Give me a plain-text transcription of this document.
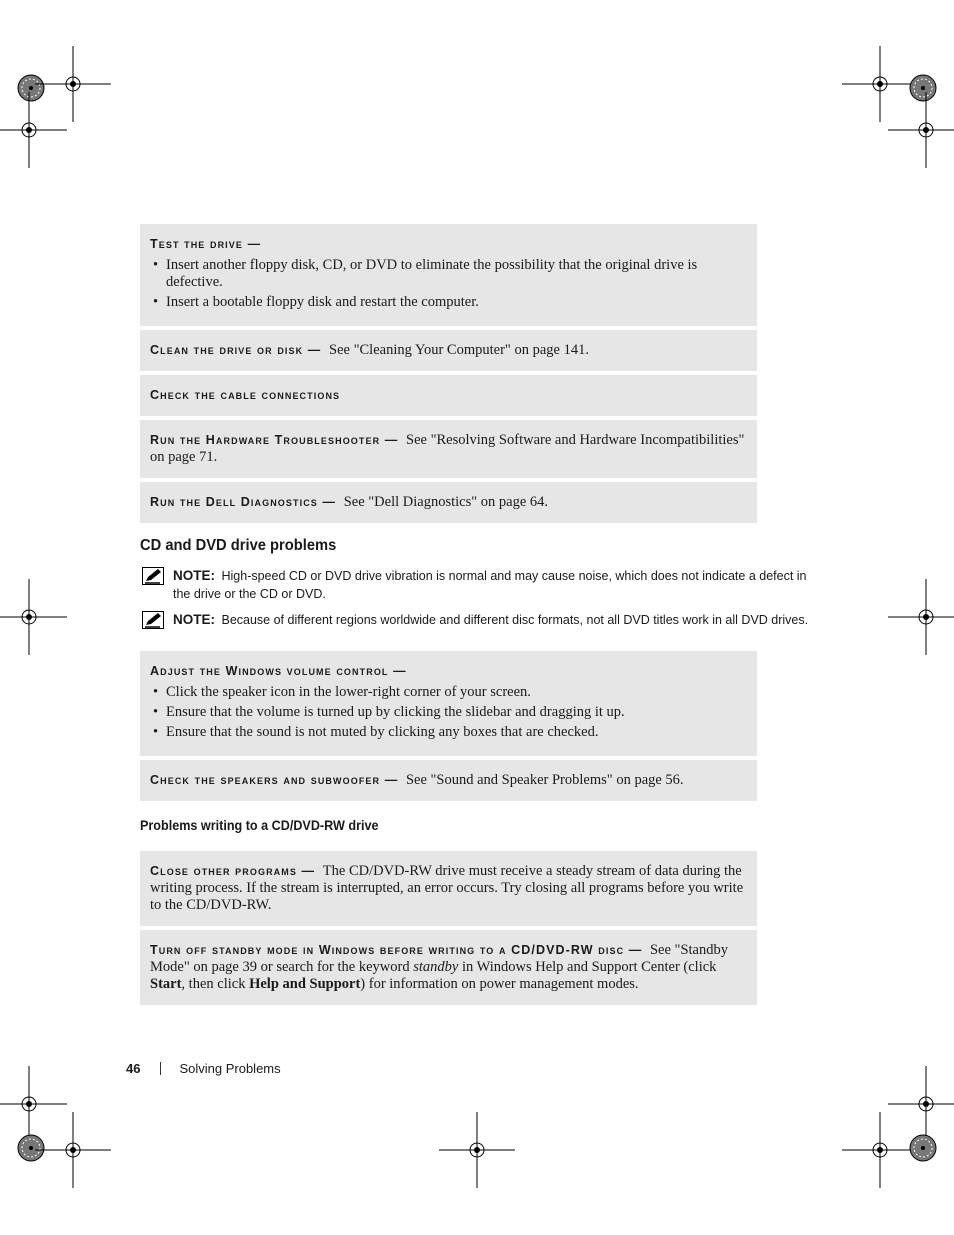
Test the drive —
• Insert another floppy disk, CD, or DVD to eliminate the possibility that the original drive is defective.
• Insert a bootable floppy disk and restart the computer.
Clean the drive or disk — See "Cleaning Your Computer" on page 141.
Check the cable connections
Run the Hardware Troubleshooter — See "Resolving Software and Hardware Incompatibilities" on page 71.
Run the Dell Diagnostics — See "Dell Diagnostics" on page 64.
CD and DVD drive problems
NOTE: High-speed CD or DVD drive vibration is normal and may cause noise, which does not indicate a defect in the drive or the CD or DVD.
NOTE: Because of different regions worldwide and different disc formats, not all DVD titles work in all DVD drives.
Adjust the Windows volume control —
• Click the speaker icon in the lower-right corner of your screen.
• Ensure that the volume is turned up by clicking the slidebar and dragging it up.
• Ensure that the sound is not muted by clicking any boxes that are checked.
Check the speakers and subwoofer — See "Sound and Speaker Problems" on page 56.
Problems writing to a CD/DVD-RW drive
Close other programs — The CD/DVD-RW drive must receive a steady stream of data during the writing process. If the stream is interrupted, an error occurs. Try closing all programs before you write to the CD/DVD-RW.
Turn off standby mode in Windows before writing to a CD/DVD-RW disc — See "Standby Mode" on page 39 or search for the keyword standby in Windows Help and Support Center (click Start, then click Help and Support) for information on power management modes.
46	Solving Problems
